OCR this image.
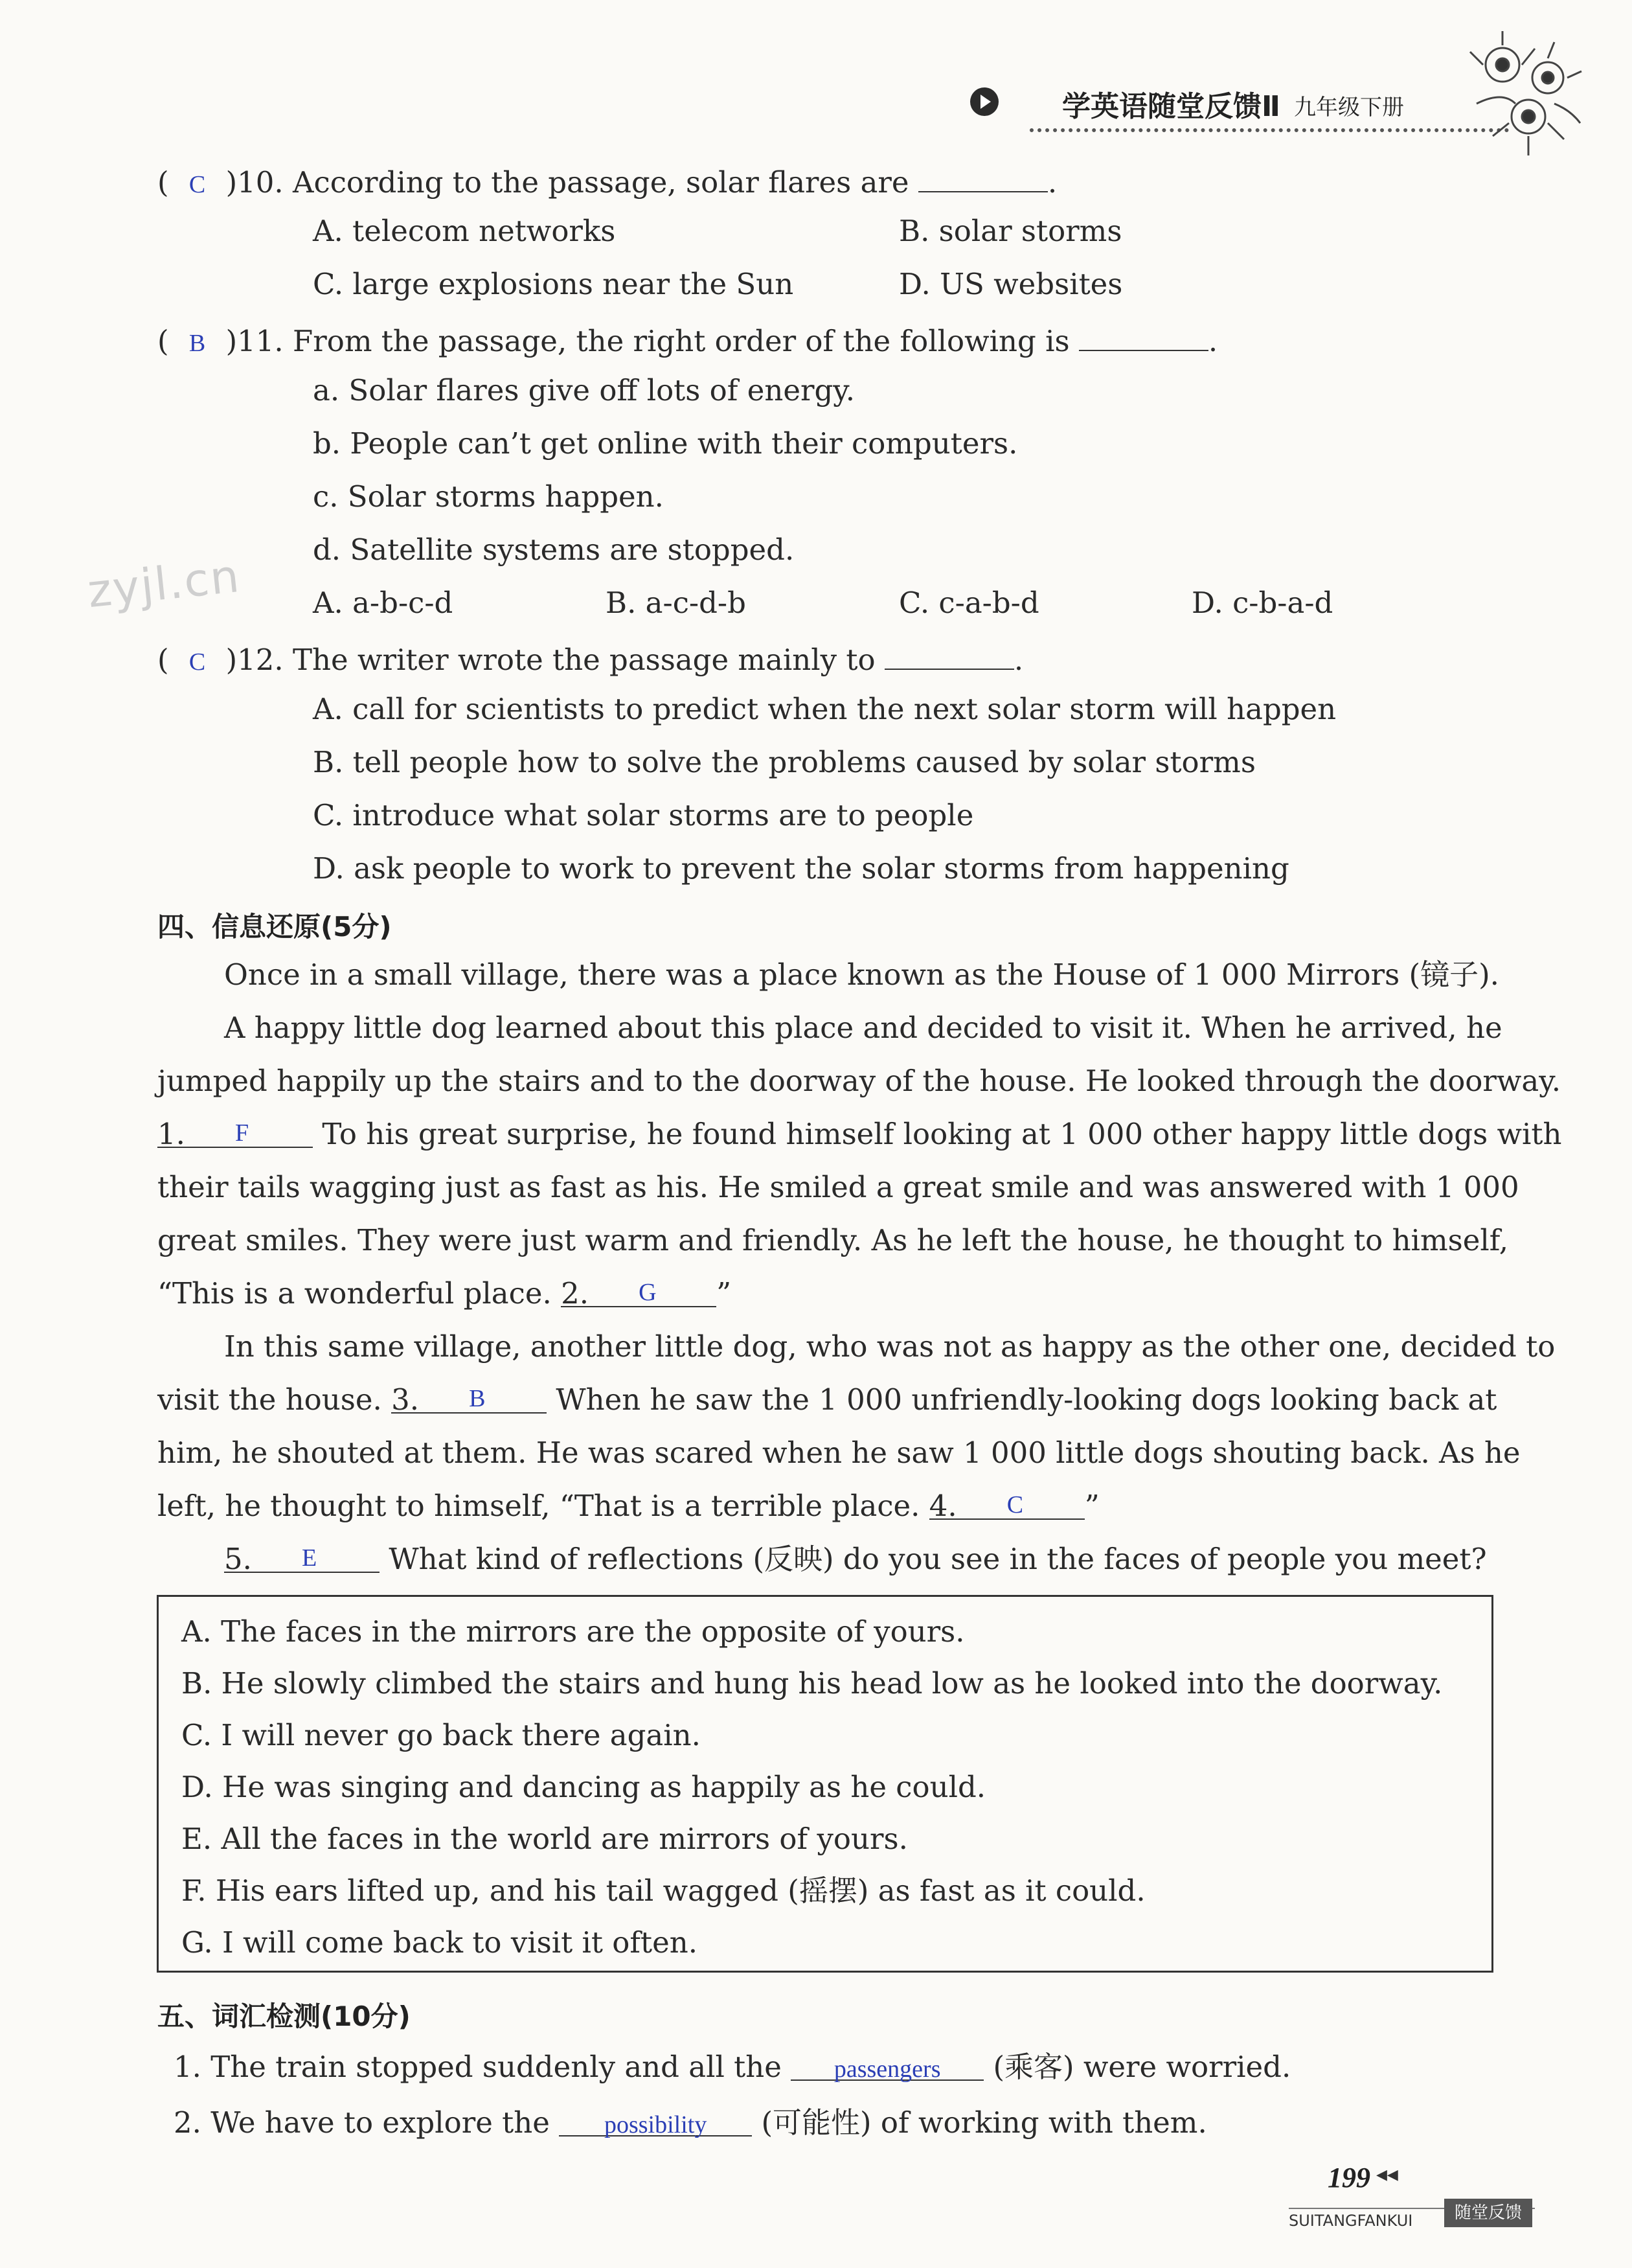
学英语随堂反馈Ⅱ 九年级下册
zyjl.cn
( C )10. According to the passage, solar flares are	.
A. telecom networks	B. solar storms
C. large explosions near the Sun	D. US websites
( B )11. From the passage, the right order of the following is	.
a. Solar flares give off lots of energy.
b. People can’t get online with their computers.
c. Solar storms happen.
d. Satellite systems are stopped.
A. a-b-c-d	B. a-c-d-b	C. c-a-b-d	D. c-b-a-d
( C )12. The writer wrote the passage mainly to	.
A. call for scientists to predict when the next solar storm will happen
B. tell people how to solve the problems caused by solar storms
C. introduce what solar storms are to people
D. ask people to work to prevent the solar storms from happening
四、信息还原(5分)
Once in a small village, there was a place known as the House of 1 000 Mirrors (镜子).
A happy little dog learned about this place and decided to visit it. When he arrived, he
jumped happily up the stairs and to the doorway of the house. He looked through the doorway.
1. F	To his great surprise, he found himself looking at 1 000 other happy little dogs with
their tails wagging just as fast as his. He smiled a great smile and was answered with 1 000
great smiles. They were just warm and friendly. As he left the house, he thought to himself,
“This is a wonderful place. 2. G ”
In this same village, another little dog, who was not as happy as the other one, decided to
visit the house. 3. B When he saw the 1 000 unfriendly-looking dogs looking back at
him, he shouted at them. He was scared when he saw 1 000 little dogs shouting back. As he
left, he thought to himself, “That is a terrible place. 4. C ”
5. E What kind of reflections (反映) do you see in the faces of people you meet?
A. The faces in the mirrors are the opposite of yours.
B. He slowly climbed the stairs and hung his head low as he looked into the doorway.
C. I will never go back there again.
D. He was singing and dancing as happily as he could.
E. All the faces in the world are mirrors of yours.
F. His ears lifted up, and his tail wagged (摇摆) as fast as it could.
G. I will come back to visit it often.
五、词汇检测(10分)
1. The train stopped suddenly and all the passengers (乘客) were worried.
2. We have to explore the possibility (可能性) of working with them.
199 ◀◀
SUITANGFANKUI	随堂反馈
